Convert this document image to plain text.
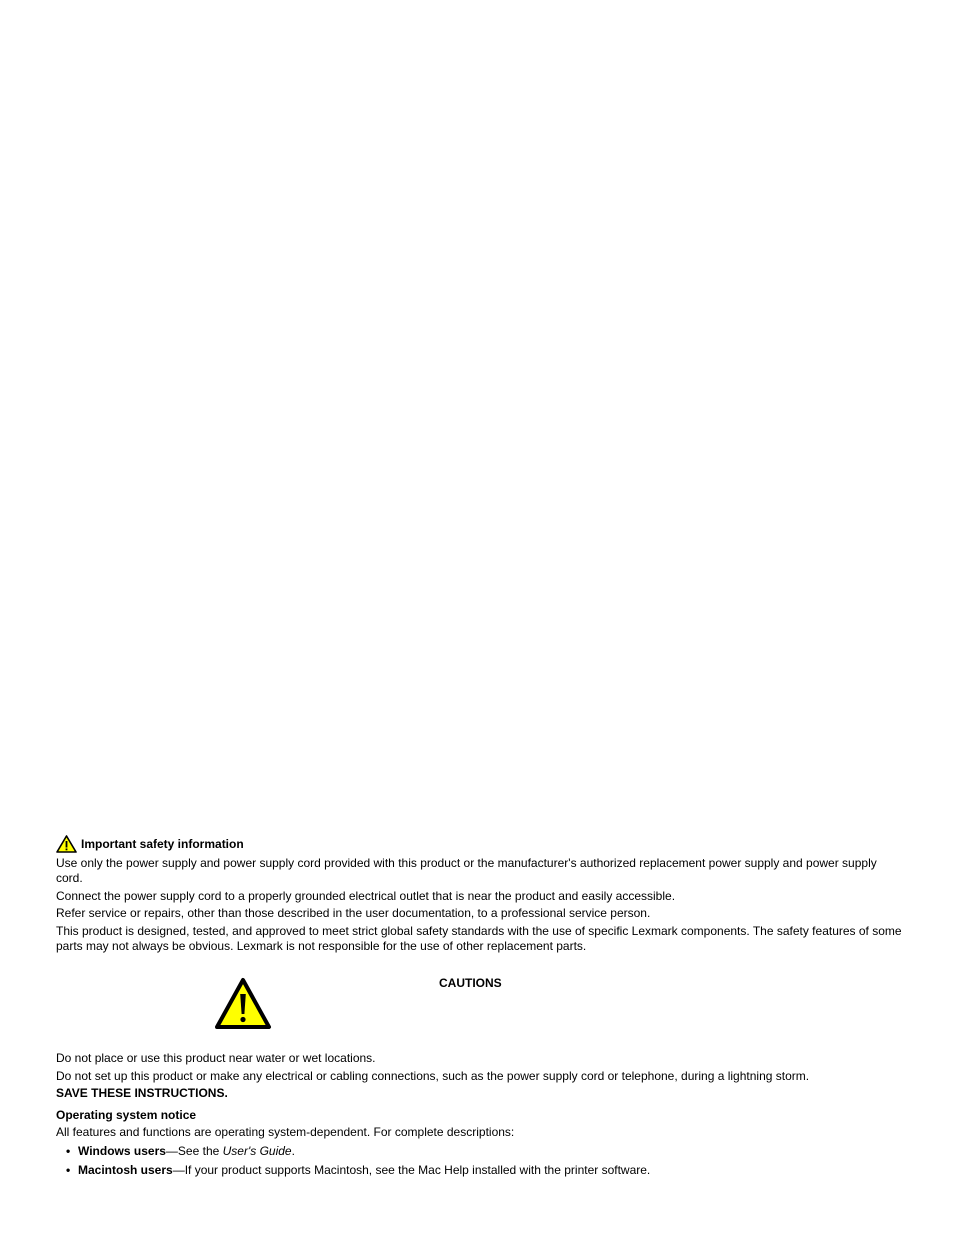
Important safety information

Use only the power supply and power supply cord provided with this product or the manufacturer's authorized replacement power supply and power supply cord.

Connect the power supply cord to a properly grounded electrical outlet that is near the product and easily accessible.

Refer service or repairs, other than those described in the user documentation, to a professional service person.

This product is designed, tested, and approved to meet strict global safety standards with the use of specific Lexmark components. The safety features of some parts may not always be obvious. Lexmark is not responsible for the use of other replacement parts.

CAUTIONS

Do not place or use this product near water or wet locations.

Do not set up this product or make any electrical or cabling connections, such as the power supply cord or telephone, during a lightning storm.

SAVE THESE INSTRUCTIONS.

Operating system notice

All features and functions are operating system-dependent. For complete descriptions:

• Windows users—See the User's Guide.
• Macintosh users—If your product supports Macintosh, see the Mac Help installed with the printer software.
